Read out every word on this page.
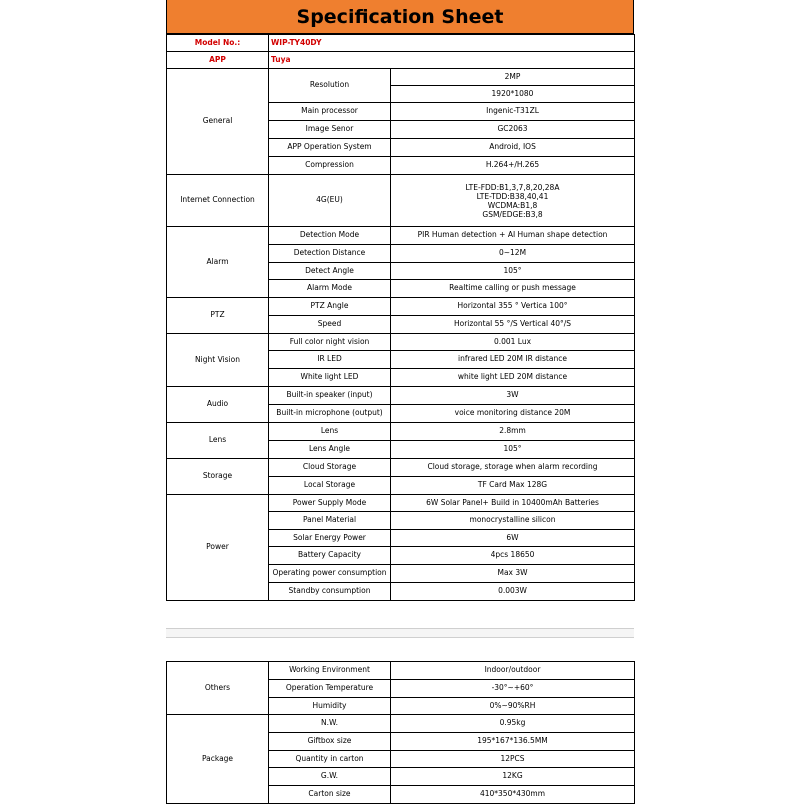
Specification Sheet
Model No.:	WIP-TY40DY	
APP	Tuya	
General	Resolution	2MP
		1920*1080
	Main processor	Ingenic-T31ZL
	Image Senor	GC2063
	APP Operation System	Android, IOS
	Compression	H.264+/H.265
Internet Connection	4G(EU)	LTE-FDD:B1,3,7,8,20,28A
LTE-TDD:B38,40,41
WCDMA:B1,8
GSM/EDGE:B3,8

Alarm	Detection Mode	PIR Human detection + AI Human shape detection
	Detection Distance	0~12M
	Detect Angle	105°
	Alarm Mode	Realtime calling or push message
PTZ	PTZ Angle	Horizontal 355 ° Vertica 100°
	Speed	Horizontal 55 °/S Vertical 40°/S
Night Vision	Full color night vision	0.001 Lux
	IR LED	infrared LED 20M IR distance
	White light LED	white light LED 20M distance
Audio	Built-in speaker (input)	3W
	Built-in microphone (output)	voice monitoring distance 20M
Lens	Lens	2.8mm
	Lens Angle	105°
Storage	Cloud Storage	Cloud storage, storage when alarm recording
	Local Storage	TF Card Max 128G
Power	Power Supply Mode	6W Solar Panel+ Build in 10400mAh Batteries
	Panel Material	monocrystalline silicon
	Solar Energy Power	6W
	Battery Capacity	4pcs 18650
	Operating power consumption	Max 3W
	Standby consumption	0.003W
Others	Working Environment	Indoor/outdoor
	Operation Temperature	-30°~+60°
	Humidity	0%~90%RH
Package	N.W.	0.95kg
	Giftbox size	195*167*136.5MM
	Quantity in carton	12PCS
	G.W.	12KG
	Carton size	410*350*430mm
